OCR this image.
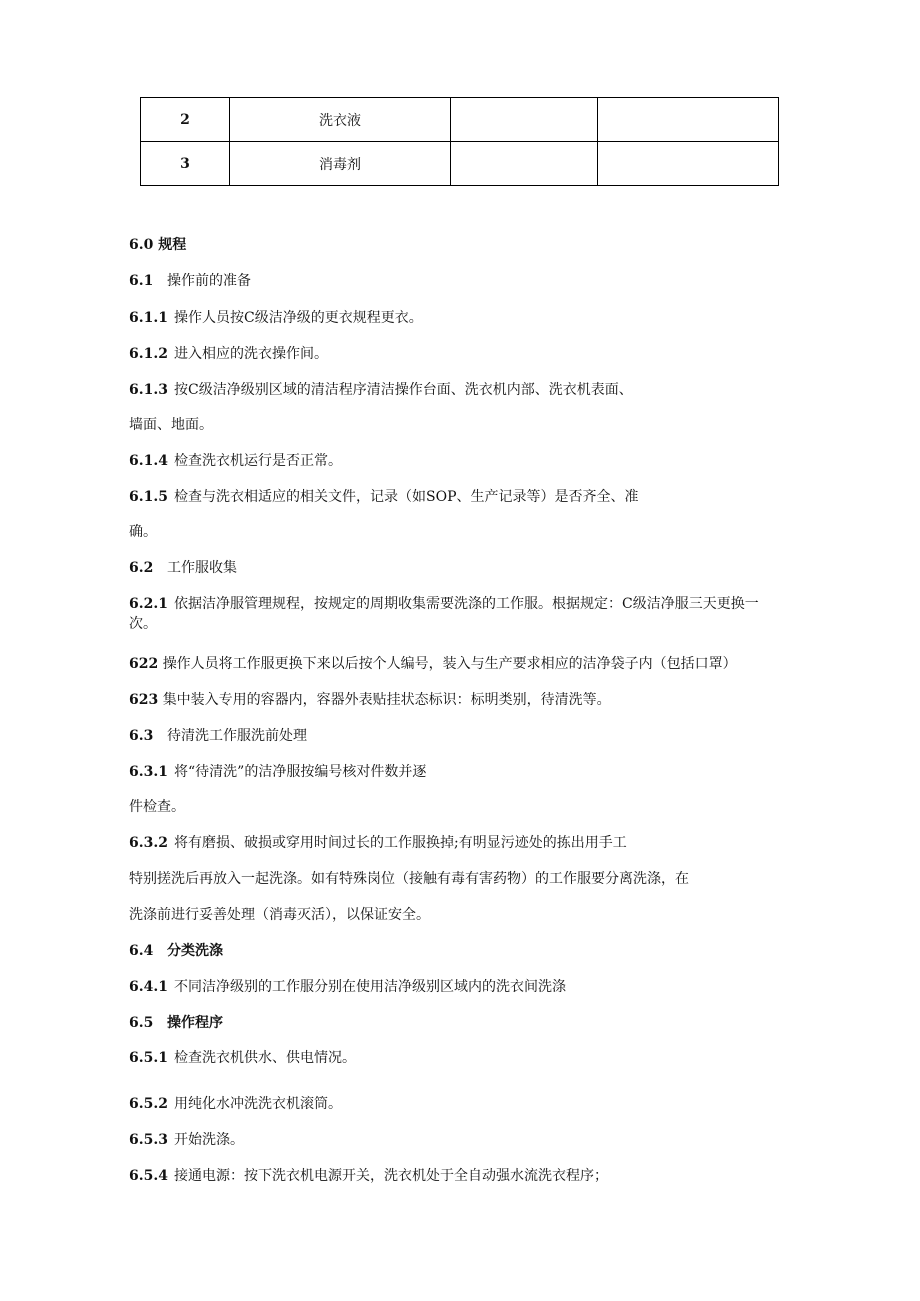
2	洗衣液		
3	消毒剂		
6.0 规程
6.1 操作前的准备
6.1.1 操作人员按C级洁净级的更衣规程更衣。
6.1.2 进入相应的洗衣操作间。
6.1.3 按C级洁净级别区域的清洁程序清洁操作台面、洗衣机内部、洗衣机表面、
墙面、地面。
6.1.4 检查洗衣机运行是否正常。
6.1.5 检查与洗衣相适应的相关文件，记录（如SOP、生产记录等）是否齐全、准
确。
6.2 工作服收集
6.2.1 依据洁净服管理规程，按规定的周期收集需要洗涤的工作服。根据规定：C级洁净服三天更换一次。
622 操作人员将工作服更换下来以后按个人编号，装入与生产要求相应的洁净袋子内（包括口罩）
623 集中装入专用的容器内，容器外表贴挂状态标识：标明类别，待清洗等。
6.3 待清洗工作服洗前处理
6.3.1 将“待清洗”的洁净服按编号核对件数并逐
件检查。
6.3.2 将有磨损、破损或穿用时间过长的工作服换掉;有明显污迹处的拣出用手工
特别搓洗后再放入一起洗涤。如有特殊岗位（接触有毒有害药物）的工作服要分离洗涤，在
洗涤前进行妥善处理（消毒灭活），以保证安全。
6.4 分类洗涤
6.4.1 不同洁净级别的工作服分别在使用洁净级别区域内的洗衣间洗涤
6.5 操作程序
6.5.1 检查洗衣机供水、供电情况。
6.5.2 用纯化水冲洗洗衣机滚筒。
6.5.3 开始洗涤。
6.5.4 接通电源：按下洗衣机电源开关，洗衣机处于全自动强水流洗衣程序；
